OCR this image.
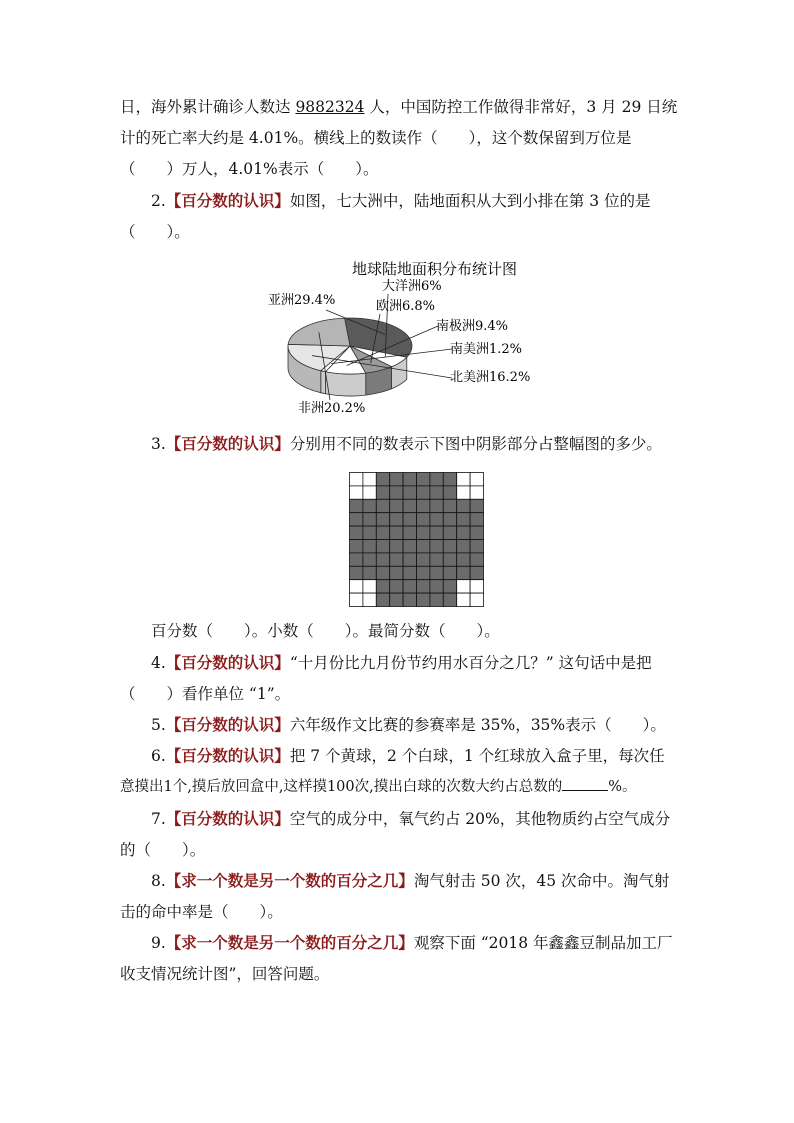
日，海外累计确诊人数达 9882324 人，中国防控工作做得非常好，3 月 29 日统
计的死亡率大约是 4.01%。横线上的数读作（　　），这个数保留到万位是
（　　）万人，4.01%表示（　　）。
2.【百分数的认识】如图，七大洲中，陆地面积从大到小排在第 3 位的是
（　　）。
地球陆地面积分布统计图
亚洲29.4%
大洋洲6%
欧洲6.8%
南极洲9.4%
南美洲1.2%
北美洲16.2%
非洲20.2%
3.【百分数的认识】分别用不同的数表示下图中阴影部分占整幅图的多少。
百分数（　　）。小数（　　）。最简分数（　　）。
4.【百分数的认识】“十月份比九月份节约用水百分之几？” 这句话中是把
（　　）看作单位 “1”。
5.【百分数的认识】六年级作文比赛的参赛率是 35%，35%表示（　　）。
6.【百分数的认识】把 7 个黄球，2 个白球，1 个红球放入盒子里，每次任
意摸出1个,摸后放回盒中,这样摸100次,摸出白球的次数大约占总数的	%。
7.【百分数的认识】空气的成分中，氧气约占 20%，其他物质约占空气成分
的（　　）。
8.【求一个数是另一个数的百分之几】淘气射击 50 次，45 次命中。淘气射
击的命中率是（　　）。
9.【求一个数是另一个数的百分之几】观察下面 “2018 年鑫鑫豆制品加工厂
收支情况统计图”，回答问题。
